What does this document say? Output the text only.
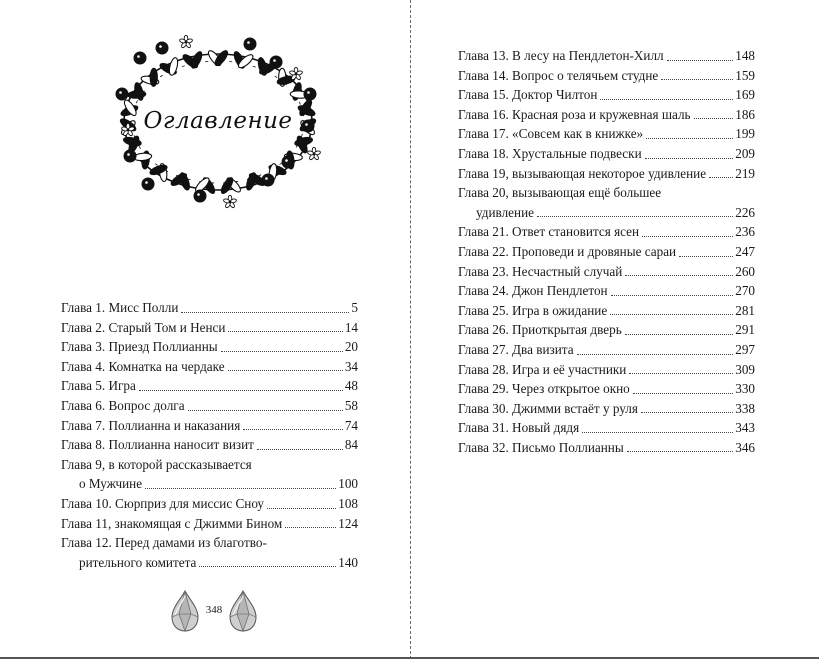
Оглавление
Глава 1. Мисс Полли	5
Глава 2. Старый Том и Ненси	14
Глава 3. Приезд Поллианны	20
Глава 4. Комнатка на чердаке	34
Глава 5. Игра	48
Глава 6. Вопрос долга	58
Глава 7. Поллианна и наказания	74
Глава 8. Поллианна наносит визит	84
Глава 9, в которой рассказывается
о Мужчине	100
Глава 10. Сюрприз для миссис Сноу	108
Глава 11, знакомящая с Джимми Бином	124
Глава 12. Перед дамами из благотво-
рительного комитета	140
348
Глава 13. В лесу на Пендлетон-Хилл	148
Глава 14. Вопрос о телячьем студне	159
Глава 15. Доктор Чилтон	169
Глава 16. Красная роза и кружевная шаль	186
Глава 17. «Совсем как в книжке»	199
Глава 18. Хрустальные подвески	209
Глава 19, вызывающая некоторое удивление 219
Глава 20, вызывающая ещё большее
удивление	226
Глава 21. Ответ становится ясен	236
Глава 22. Проповеди и дровяные сараи	247
Глава 23. Несчастный случай	260
Глава 24. Джон Пендлетон	270
Глава 25. Игра в ожидание	281
Глава 26. Приоткрытая дверь	291
Глава 27. Два визита	297
Глава 28. Игра и её участники	309
Глава 29. Через открытое окно	330
Глава 30. Джимми встаёт у руля	338
Глава 31. Новый дядя	343
Глава 32. Письмо Поллианны	346
